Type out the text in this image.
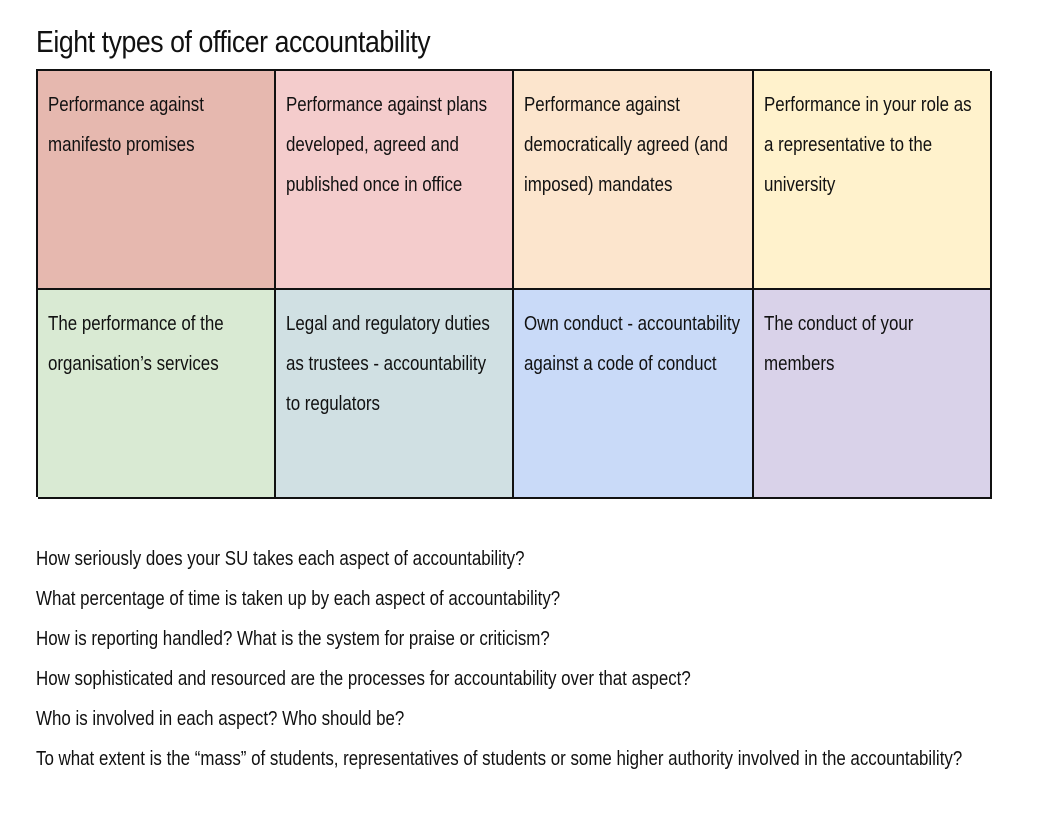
Eight types of officer accountability
Performance against manifesto promises
Performance against plans developed, agreed and published once in office
Performance against democratically agreed (and imposed) mandates
Performance in your role as a representative to the university
The performance of the organisation’s services
Legal and regulatory duties as trustees - accountability to regulators
Own conduct - accountability against a code of conduct
The conduct of your members
How seriously does your SU takes each aspect of accountability?
What percentage of time is taken up by each aspect of accountability?
How is reporting handled? What is the system for praise or criticism?
How sophisticated and resourced are the processes for accountability over that aspect?
Who is involved in each aspect? Who should be?
To what extent is the “mass” of students, representatives of students or some higher authority involved in the accountability?
